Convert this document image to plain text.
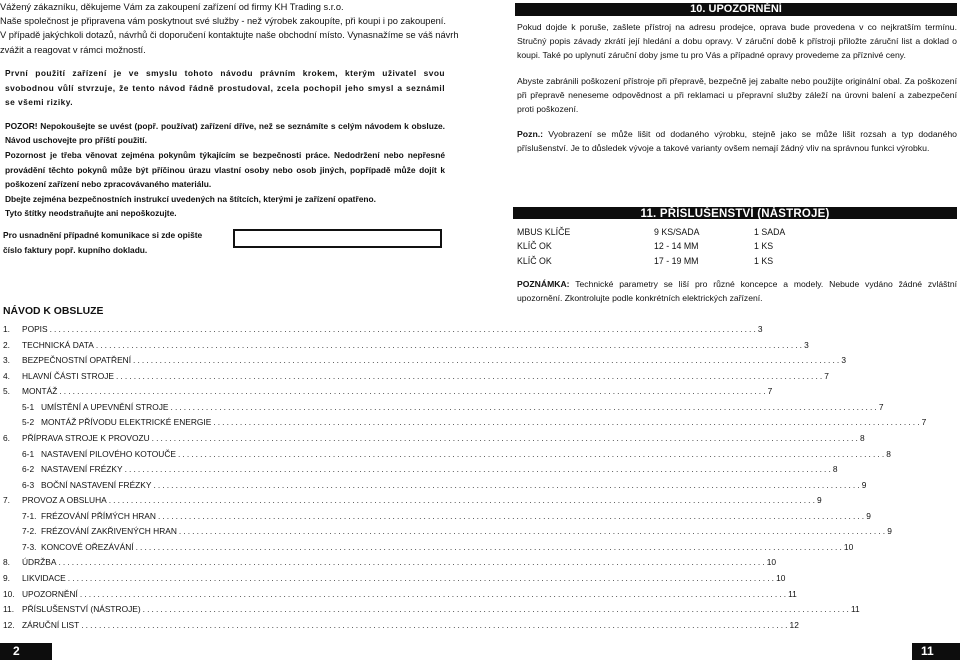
Vážený zákazníku, děkujeme Vám za zakoupení zařízení od firmy KH Trading s.r.o.
Naše společnost je připravena vám poskytnout své služby - než výrobek zakoupíte, při koupi i po zakoupení.
V případě jakýchkoli dotazů, návrhů či doporučení kontaktujte naše obchodní místo. Vynasnažíme se váš návrh
zvážit a reagovat v rámci možností.

První použití zařízení je ve smyslu tohoto návodu právním krokem, kterým uživatel svou svobodnou vůlí stvrzuje, že tento návod řádně prostudoval, zcela pochopil jeho smysl a seznámil se všemi riziky.

POZOR! Nepokoušejte se uvést (popř. používat) zařízení dříve, než se seznámíte s celým návodem k obsluze. Návod uschovejte pro příští použití.

Pozornost je třeba věnovat zejména pokynům týkajícím se bezpečnosti práce. Nedodržení nebo nepřesné provádění těchto pokynů může být příčinou úrazu vlastní osoby nebo osob jiných, popřípadě může dojít k poškození zařízení nebo zpracovávaného materiálu.

Dbejte zejména bezpečnostních instrukcí uvedených na štítcích, kterými je zařízení opatřeno.

Tyto štítky neodstraňujte ani nepoškozujte.

Pro usnadnění případné komunikace si zde opište číslo faktury popř. kupního dokladu.
NÁVOD K OBSLUZE
1.	POPIS ................................................................................................................................................................ 3
2.	TECHNICKÁ DATA ................................................................................................................................................................ 3
3.	BEZPEČNOSTNÍ OPATŘENÍ ................................................................................................................................................................ 3
4.	HLAVNÍ ČÁSTI STROJE ................................................................................................................................................................ 7
5.	MONTÁŽ ................................................................................................................................................................ 7
5-1 UMÍSTĚNÍ A UPEVNĚNÍ STROJE ................................................................................................................................................................ 7
5-2 MONTÁŽ PŘÍVODU ELEKTRICKÉ ENERGIE ................................................................................................................................................................ 7
6.	PŘÍPRAVA STROJE K PROVOZU ................................................................................................................................................................ 8
6-1 NASTAVENÍ PILOVÉHO KOTOUČE ................................................................................................................................................................ 8
6-2 NASTAVENÍ FRÉZKY ................................................................................................................................................................ 8
6-3 BOČNÍ NASTAVENÍ FRÉZKY ................................................................................................................................................................ 9
7.	PROVOZ A OBSLUHA ................................................................................................................................................................ 9
7-1. FRÉZOVÁNÍ PŘÍMÝCH HRAN ................................................................................................................................................................ 9
7-2. FRÉZOVÁNÍ ZAKŘIVENÝCH HRAN ................................................................................................................................................................ 9
7-3. KONCOVÉ OŘEZÁVÁNÍ ................................................................................................................................................................ 10
8.	ÚDRŽBA ................................................................................................................................................................ 10
9.	LIKVIDACE ................................................................................................................................................................ 10
10. UPOZORNĚNÍ ................................................................................................................................................................ 11
11. PŘÍSLUŠENSTVÍ (NÁSTROJE) ................................................................................................................................................................ 11
12. ZÁRUČNÍ LIST ................................................................................................................................................................ 12
10. UPOZORNĚNÍ

Pokud dojde k poruše, zašlete přístroj na adresu prodejce, oprava bude provedena v co nejkratším termínu. Stručný popis závady zkrátí její hledání a dobu opravy. V záruční době k přístroji přiložte záruční list a doklad o koupi. Také po uplynutí záruční doby jsme tu pro Vás a případné opravy provedeme za příznivé ceny.

Abyste zabránili poškození přístroje při přepravě, bezpečně jej zabalte nebo použijte originální obal. Za poškození při přepravě neneseme odpovědnost a při reklamaci u přepravní služby záleží na úrovni balení a zabezpečení proti poškození.

Pozn.: Vyobrazení se může lišit od dodaného výrobku, stejně jako se může lišit rozsah a typ dodaného příslušenství. Je to důsledek vývoje a takové varianty ovšem nemají žádný vliv na správnou funkci výrobku.

11. PŘÍSLUŠENSTVÍ (NÁSTROJE)
MBUS KLÍČE	9 KS/SADA	1 SADA
KLÍČ OK	12 - 14 MM	1 KS
KLÍČ OK	17 - 19 MM	1 KS
POZNÁMKA: Technické parametry se liší pro různé koncepce a modely. Nebude vydáno žádné zvláštní upozornění. Zkontrolujte podle konkrétních elektrických zařízení.
2	11
